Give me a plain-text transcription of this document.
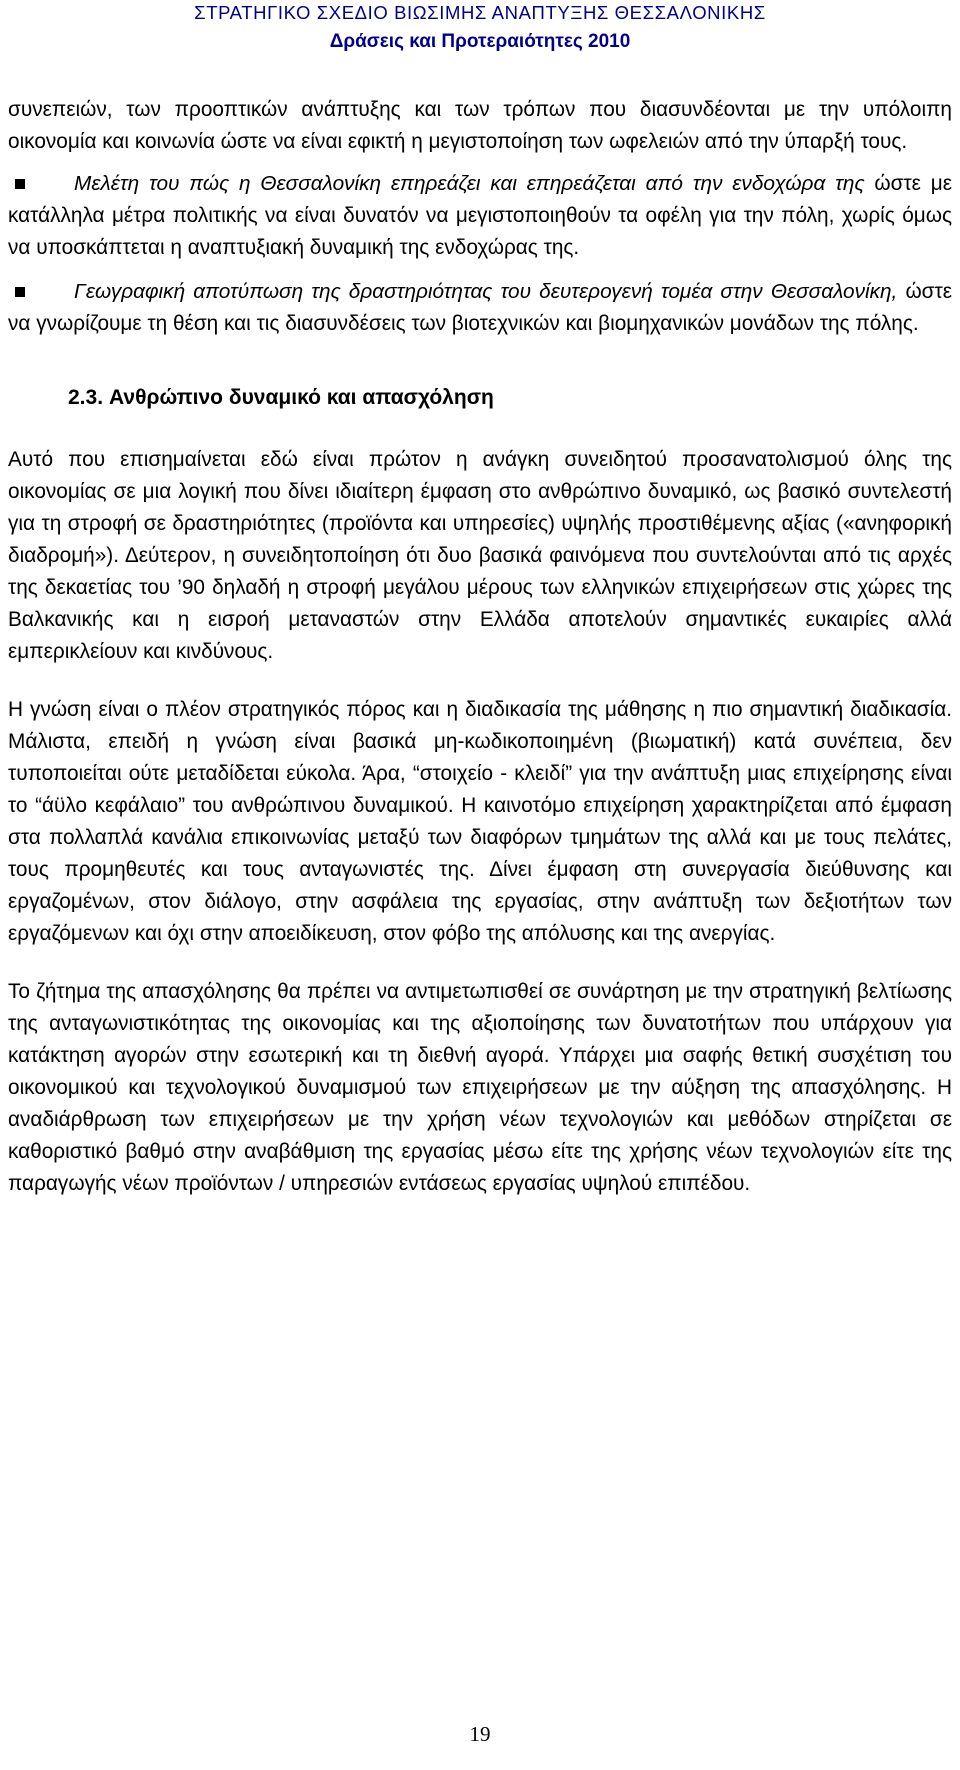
ΣΤΡΑΤΗΓΙΚΟ ΣΧΕΔΙΟ ΒΙΩΣΙΜΗΣ ΑΝΑΠΤΥΞΗΣ ΘΕΣΣΑΛΟΝΙΚΗΣ
Δράσεις και Προτεραιότητες 2010

συνεπειών, των προοπτικών ανάπτυξης και των τρόπων που διασυνδέονται με την υπόλοιπη οικονομία και κοινωνία ώστε να είναι εφικτή η μεγιστοποίηση των ωφελειών από την ύπαρξή τους.

Μελέτη του πώς η Θεσσαλονίκη επηρεάζει και επηρεάζεται από την ενδοχώρα της ώστε με κατάλληλα μέτρα πολιτικής να είναι δυνατόν να μεγιστοποιηθούν τα οφέλη για την πόλη, χωρίς όμως να υποσκάπτεται η αναπτυξιακή δυναμική της ενδοχώρας της.
Γεωγραφική αποτύπωση της δραστηριότητας του δευτερογενή τομέα στην Θεσσαλονίκη, ώστε να γνωρίζουμε τη θέση και τις διασυνδέσεις των βιοτεχνικών και βιομηχανικών μονάδων της πόλης.
2.3. Ανθρώπινο δυναμικό και απασχόληση

Αυτό που επισημαίνεται εδώ είναι πρώτον η ανάγκη συνειδητού προσανατολισμού όλης της οικονομίας σε μια λογική που δίνει ιδιαίτερη έμφαση στο ανθρώπινο δυναμικό, ως βασικό συντελεστή για τη στροφή σε δραστηριότητες (προϊόντα και υπηρεσίες) υψηλής προστιθέμενης αξίας («ανηφορική διαδρομή»). Δεύτερον, η συνειδητοποίηση ότι δυο βασικά φαινόμενα που συντελούνται από τις αρχές της δεκαετίας του ’90 δηλαδή η στροφή μεγάλου μέρους των ελληνικών επιχειρήσεων στις χώρες της Βαλκανικής και η εισροή μεταναστών στην Ελλάδα αποτελούν σημαντικές ευκαιρίες αλλά εμπερικλείουν και κινδύνους.

Η γνώση είναι ο πλέον στρατηγικός πόρος και η διαδικασία της μάθησης η πιο σημαντική διαδικασία. Μάλιστα, επειδή η γνώση είναι βασικά μη-κωδικοποιημένη (βιωματική) κατά συνέπεια, δεν τυποποιείται ούτε μεταδίδεται εύκολα. Άρα, “στοιχείο - κλειδί” για την ανάπτυξη μιας επιχείρησης είναι το “άϋλο κεφάλαιο” του ανθρώπινου δυναμικού. Η καινοτόμο επιχείρηση χαρακτηρίζεται από έμφαση στα πολλαπλά κανάλια επικοινωνίας μεταξύ των διαφόρων τμημάτων της αλλά και με τους πελάτες, τους προμηθευτές και τους ανταγωνιστές της. Δίνει έμφαση στη συνεργασία διεύθυνσης και εργαζομένων, στον διάλογο, στην ασφάλεια της εργασίας, στην ανάπτυξη των δεξιοτήτων των εργαζόμενων και όχι στην αποειδίκευση, στον φόβο της απόλυσης και της ανεργίας.

Το ζήτημα της απασχόλησης θα πρέπει να αντιμετωπισθεί σε συνάρτηση με την στρατηγική βελτίωσης της ανταγωνιστικότητας της οικονομίας και της αξιοποίησης των δυνατοτήτων που υπάρχουν για κατάκτηση αγορών στην εσωτερική και τη διεθνή αγορά. Υπάρχει μια σαφής θετική συσχέτιση του οικονομικού και τεχνολογικού δυναμισμού των επιχειρήσεων με την αύξηση της απασχόλησης. Η αναδιάρθρωση των επιχειρήσεων με την χρήση νέων τεχνολογιών και μεθόδων στηρίζεται σε καθοριστικό βαθμό στην αναβάθμιση της εργασίας μέσω είτε της χρήσης νέων τεχνολογιών είτε της παραγωγής νέων προϊόντων / υπηρεσιών εντάσεως εργασίας υψηλού επιπέδου.

19
